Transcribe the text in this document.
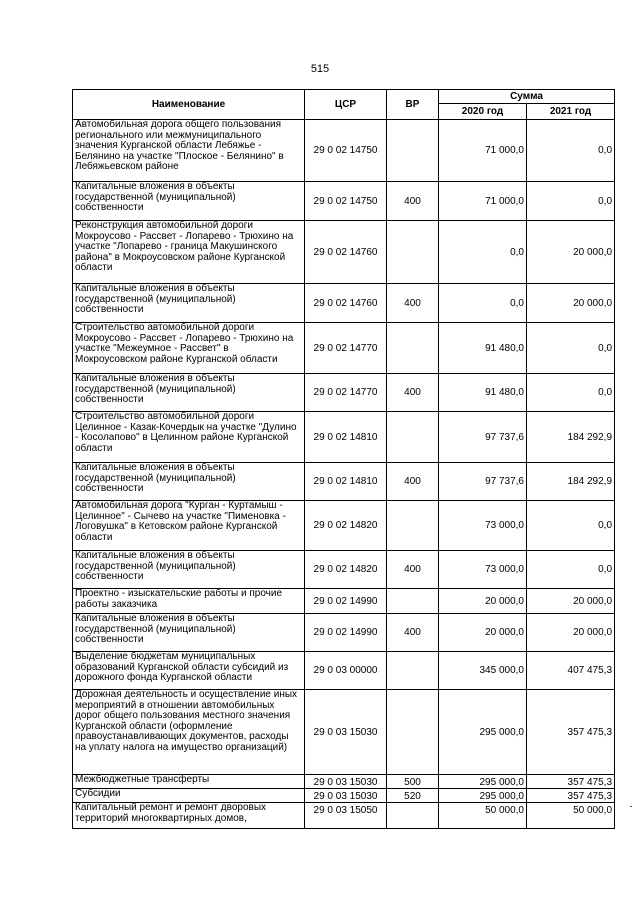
515
Наименование	ЦСР	ВР	Сумма	
			2020 год	2021 год
Автомобильная дорога общего пользования регионального или межмуниципального значения Курганской области Лебяжье - Белянино на участке "Плоское - Белянино" в Лебяжьевском районе	29 0 02 14750		71 000,0	0,0
Капитальные вложения в объекты государственной (муниципальной) собственности	29 0 02 14750	400	71 000,0	0,0
Реконструкция автомобильной дороги Мокроусово - Рассвет - Лопарево - Трюхино на участке "Лопарево - граница Макушинского района" в Мокроусовском районе Курганской области	29 0 02 14760		0,0	20 000,0
Капитальные вложения в объекты государственной (муниципальной) собственности	29 0 02 14760	400	0,0	20 000,0
Строительство автомобильной дороги Мокроусово - Рассвет - Лопарево - Трюхино на участке "Межеумное - Рассвет" в Мокроусовском районе Курганской области	29 0 02 14770		91 480,0	0,0
Капитальные вложения в объекты государственной (муниципальной) собственности	29 0 02 14770	400	91 480,0	0,0
Строительство автомобильной дороги Целинное - Казак-Кочердык на участке "Дулино - Косолапово" в Целинном районе Курганской области	29 0 02 14810		97 737,6	184 292,9
Капитальные вложения в объекты государственной (муниципальной) собственности	29 0 02 14810	400	97 737,6	184 292,9
Автомобильная дорога "Курган - Куртамыш - Целинное" - Сычево на участке "Пименовка - Логовушка" в Кетовском районе Курганской области	29 0 02 14820		73 000,0	0,0
Капитальные вложения в объекты государственной (муниципальной) собственности	29 0 02 14820	400	73 000,0	0,0
Проектно - изыскательские работы и прочие работы заказчика	29 0 02 14990		20 000,0	20 000,0
Капитальные вложения в объекты государственной (муниципальной) собственности	29 0 02 14990	400	20 000,0	20 000,0
Выделение бюджетам муниципальных образований Курганской области субсидий из дорожного фонда Курганской области	29 0 03 00000		345 000,0	407 475,3
Дорожная деятельность и осуществление иных мероприятий в отношении автомобильных дорог общего пользования местного значения Курганской области (оформление правоустанавливающих документов, расходы на уплату налога на имущество организаций)	29 0 03 15030		295 000,0	357 475,3
Межбюджетные трансферты	29 0 03 15030	500	295 000,0	357 475,3
Субсидии	29 0 03 15030	520	295 000,0	357 475,3
Капитальный ремонт и ремонт дворовых территорий многоквартирных домов,	29 0 03 15050		50 000,0	50 000,0
